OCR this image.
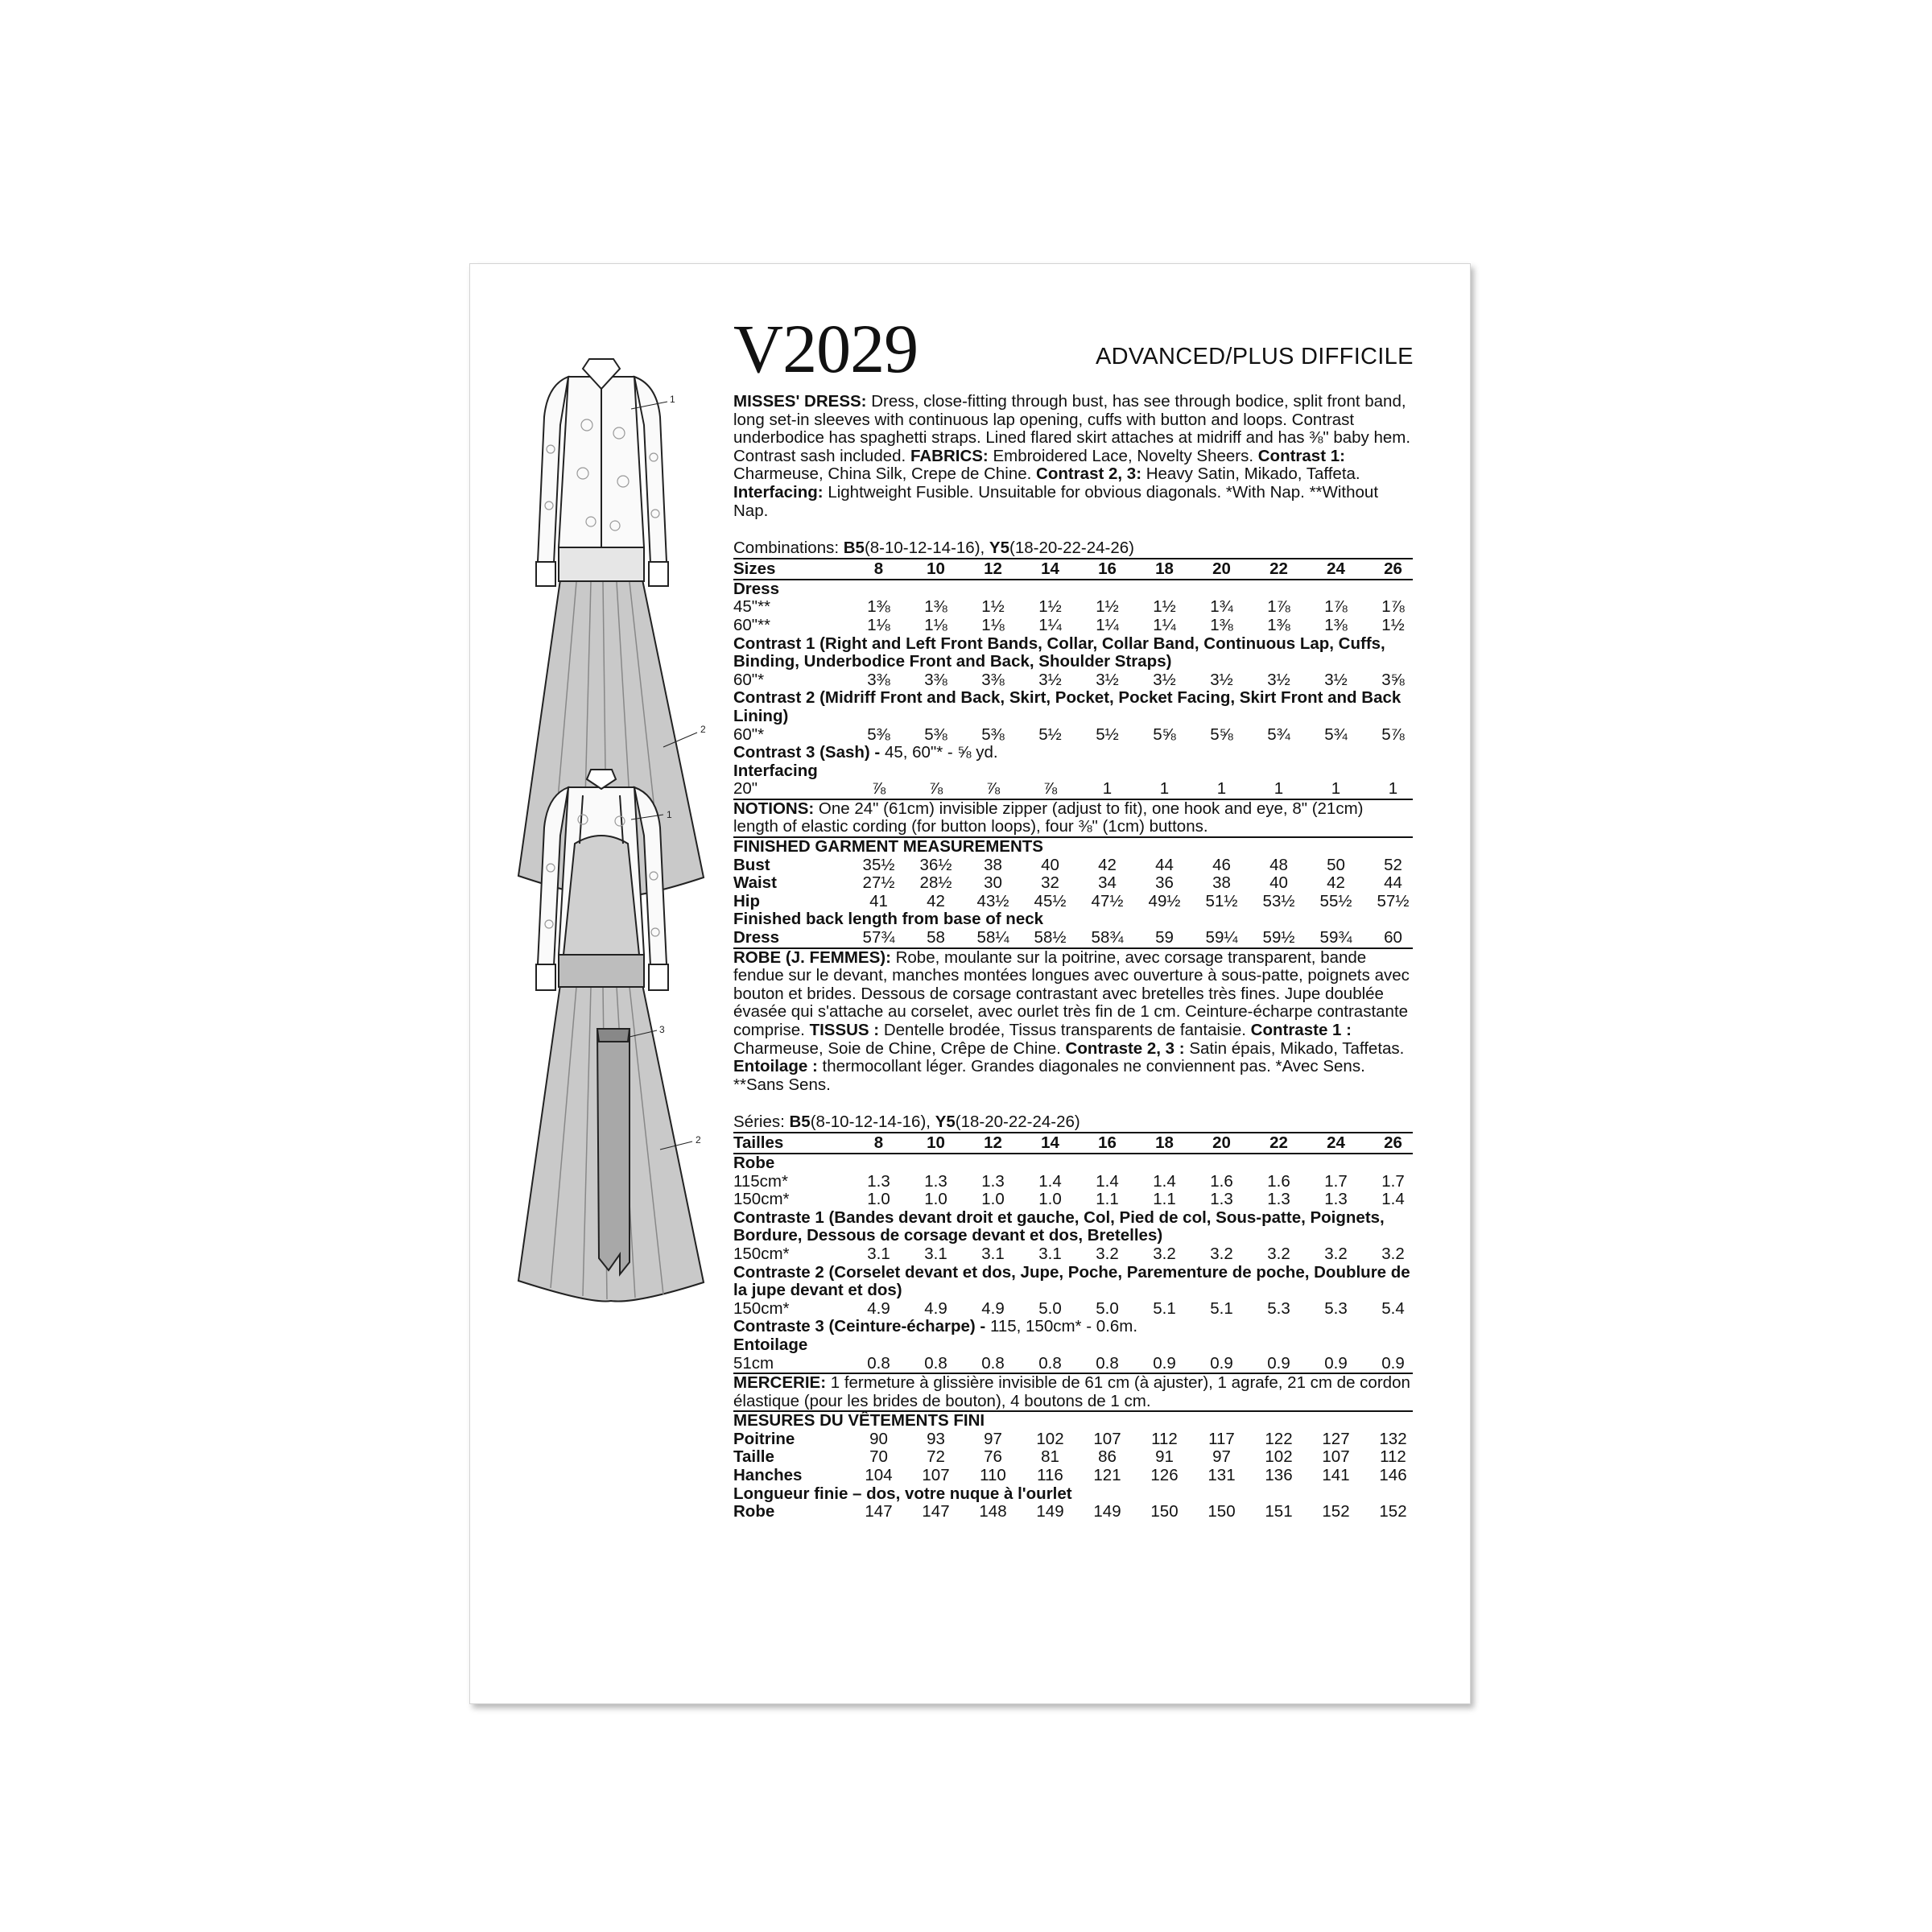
1
2
1
2
3
V2029	ADVANCED/PLUS DIFFICILE

MISSES' DRESS: Dress, close-fitting through bust, has see through bodice, split front band, long set-in sleeves with continuous lap opening, cuffs with button and loops. Contrast underbodice has spaghetti straps. Lined flared skirt attaches at midriff and has ⅜" baby hem. Contrast sash included. FABRICS: Embroidered Lace, Novelty Sheers. Contrast 1: Charmeuse, China Silk, Crepe de Chine. Contrast 2, 3: Heavy Satin, Mikado, Taffeta. Interfacing: Lightweight Fusible. Unsuitable for obvious diagonals. *With Nap. **Without Nap.

Combinations: B5(8-10-12-14-16), Y5(18-20-22-24-26)
Sizes	8	10	12	14	16	18	20	22	24	26
Dress
45"**	1⅜	1⅜	1½	1½	1½	1½	1¾	1⅞	1⅞	1⅞
60"**	1⅛	1⅛	1⅛	1¼	1¼	1¼	1⅜	1⅜	1⅜	1½
Contrast 1 (Right and Left Front Bands, Collar, Collar Band, Continuous Lap, Cuffs, Binding, Underbodice Front and Back, Shoulder Straps)
60"*	3⅜	3⅜	3⅜	3½	3½	3½	3½	3½	3½	3⅝
Contrast 2 (Midriff Front and Back, Skirt, Pocket, Pocket Facing, Skirt Front and Back Lining)
60"*	5⅜	5⅜	5⅜	5½	5½	5⅝	5⅝	5¾	5¾	5⅞
Contrast 3 (Sash) - 45, 60"* - ⅝ yd.
Interfacing
20"	⅞	⅞	⅞	⅞	1	1	1	1	1	1
NOTIONS: One 24" (61cm) invisible zipper (adjust to fit), one hook and eye, 8" (21cm) length of elastic cording (for button loops), four ⅜" (1cm) buttons.
FINISHED GARMENT MEASUREMENTS
Bust	35½	36½	38	40	42	44	46	48	50	52
Waist	27½	28½	30	32	34	36	38	40	42	44
Hip	41	42	43½	45½	47½	49½	51½	53½	55½	57½
Finished back length from base of neck
Dress	57¾	58	58¼	58½	58¾	59	59¼	59½	59¾	60

ROBE (J. FEMMES): Robe, moulante sur la poitrine, avec corsage transparent, bande fendue sur le devant, manches montées longues avec ouverture à sous-patte, poignets avec bouton et brides. Dessous de corsage contrastant avec bretelles très fines. Jupe doublée évasée qui s'attache au corselet, avec ourlet très fin de 1 cm. Ceinture-écharpe contrastante comprise. TISSUS : Dentelle brodée, Tissus transparents de fantaisie. Contraste 1 : Charmeuse, Soie de Chine, Crêpe de Chine. Contraste 2, 3 : Satin épais, Mikado, Taffetas. Entoilage : thermocollant léger. Grandes diagonales ne conviennent pas. *Avec Sens. **Sans Sens.

Séries: B5(8-10-12-14-16), Y5(18-20-22-24-26)
Tailles	8	10	12	14	16	18	20	22	24	26
Robe
115cm*	1.3	1.3	1.3	1.4	1.4	1.4	1.6	1.6	1.7	1.7
150cm*	1.0	1.0	1.0	1.0	1.1	1.1	1.3	1.3	1.3	1.4
Contraste 1 (Bandes devant droit et gauche, Col, Pied de col, Sous-patte, Poignets, Bordure, Dessous de corsage devant et dos, Bretelles)
150cm*	3.1	3.1	3.1	3.1	3.2	3.2	3.2	3.2	3.2	3.2
Contraste 2 (Corselet devant et dos, Jupe, Poche, Parementure de poche, Doublure de la jupe devant et dos)
150cm*	4.9	4.9	4.9	5.0	5.0	5.1	5.1	5.3	5.3	5.4
Contraste 3 (Ceinture-écharpe) - 115, 150cm* - 0.6m.
Entoilage
51cm	0.8	0.8	0.8	0.8	0.8	0.9	0.9	0.9	0.9	0.9
MERCERIE: 1 fermeture à glissière invisible de 61 cm (à ajuster), 1 agrafe, 21 cm de cordon élastique (pour les brides de bouton), 4 boutons de 1 cm.
MESURES DU VÊTEMENTS FINI
Poitrine	90	93	97	102	107	112	117	122	127	132
Taille	70	72	76	81	86	91	97	102	107	112
Hanches	104	107	110	116	121	126	131	136	141	146
Longueur finie – dos, votre nuque à l'ourlet
Robe	147	147	148	149	149	150	150	151	152	152
